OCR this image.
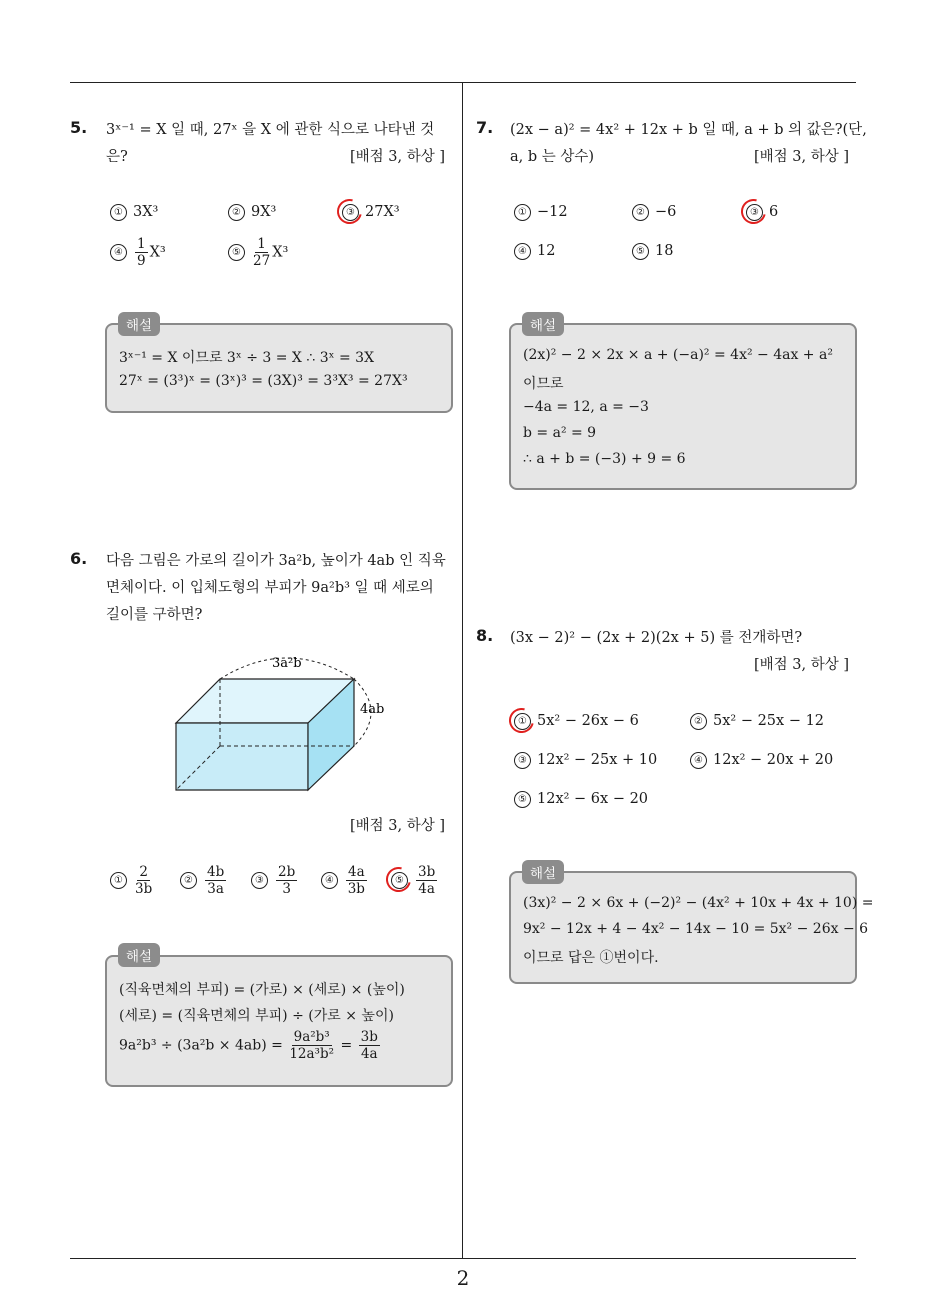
2
5. 3ˣ⁻¹ = X 일 때, 27ˣ 을 X 에 관한 식으로 나타낸 것
은?	[배점 3, 하상 ]
① 3X³	② 9X³	③ 27X³
④ $\frac{1}{9} X^3$	⑤ $\frac{1}{27} X^3$
3ˣ⁻¹ = X 이므로 3ˣ ÷ 3 = X ∴ 3ˣ = 3X
27ˣ = (3³)ˣ = (3ˣ)³ = (3X)³ = 3³X³ = 27X³
해설
6. 다음 그림은 가로의 길이가 3a²b, 높이가 4ab 인 직육
면체이다. 이 입체도형의 부피가 9a²b³ 일 때 세로의
길이를 구하면?
3a²b
4ab
[배점 3, 하상 ]
① $\frac{2}{3b}$	② $\frac{4b}{3a}$	③ $\frac{2b}{3}$	④ $\frac{4a}{3b}$	⑤ $\frac{3b}{4a}$
(직육면체의 부피) = (가로) × (세로) × (높이)
(세로) = (직육면체의 부피) ÷ (가로 × 높이)
$9a^2b^3 \div (3a^2b \times 4ab) = \frac{\text{9a²b³}}{\text{12a³b²}} = \frac{3b}{4a}$
해설
7. (2x − a)² = 4x² + 12x + b 일 때, a + b 의 값은?(단,
a, b 는 상수)	[배점 3, 하상 ]
① −12	② −6	③ 6
④ 12	⑤ 18
(2x)² − 2 × 2x × a + (−a)² = 4x² − 4ax + a²
이므로
−4a = 12, a = −3
b = a² = 9
∴ a + b = (−3) + 9 = 6
해설
8. (3x − 2)² − (2x + 2)(2x + 5) 를 전개하면?
[배점 3, 하상 ]
① 5x² − 26x − 6	② 5x² − 25x − 12
③ 12x² − 25x + 10	④ 12x² − 20x + 20
⑤ 12x² − 6x − 20
(3x)² − 2 × 6x + (−2)² − (4x² + 10x + 4x + 10) =
9x² − 12x + 4 − 4x² − 14x − 10 = 5x² − 26x − 6
이므로 답은 ①번이다.
해설
